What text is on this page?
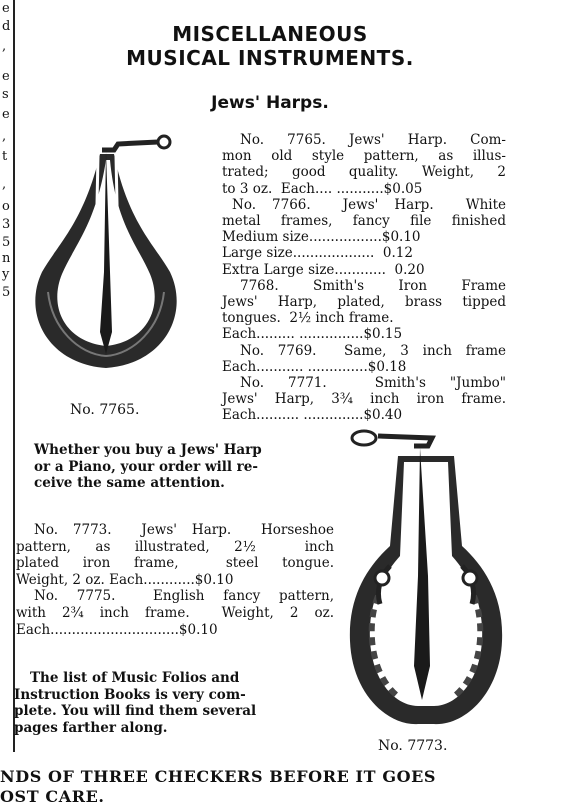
e
d
,
e
s
e
,
t
,
o
3
5
n
y
5
MISCELLANEOUS
MUSICAL INSTRUMENTS.
Jews' Harps.
No. 7765.
No. 7765. Jews' Harp. Com-
mon old style pattern, as illus-
trated; good quality. Weight, 2
to 3 oz.  Each.... ...........$0.05
No. 7766.  Jews' Harp.  White
metal frames, fancy file finished
Medium size.................$0.10
Large size...................  0.12
Extra Large size............  0.20
7768.  Smith's  Iron  Frame
Jews' Harp, plated, brass tipped
tongues.  2½ inch frame.
Each......... ...............$0.15
No. 7769.  Same, 3 inch frame
Each........... ..............$0.18
No. 7771.  Smith's "Jumbo"
Jews' Harp, 3¾ inch iron frame.
Each.......... ..............$0.40
Whether you buy a Jews' Harp
or a Piano, your order will re-
ceive the same attention.
No. 7773.  Jews' Harp.  Horseshoe
pattern, as illustrated, 2½  inch
plated iron frame,  steel tongue.
Weight, 2 oz. Each............$0.10
No. 7775.  English fancy pattern,
with 2¾ inch frame.  Weight, 2 oz.
Each..............................$0.10
The list of Music Folios and
Instruction Books is very com-
plete. You will find them several
pages farther along.
No. 7773.
NDS OF THREE CHECKERS BEFORE IT GOES
OST CARE.
